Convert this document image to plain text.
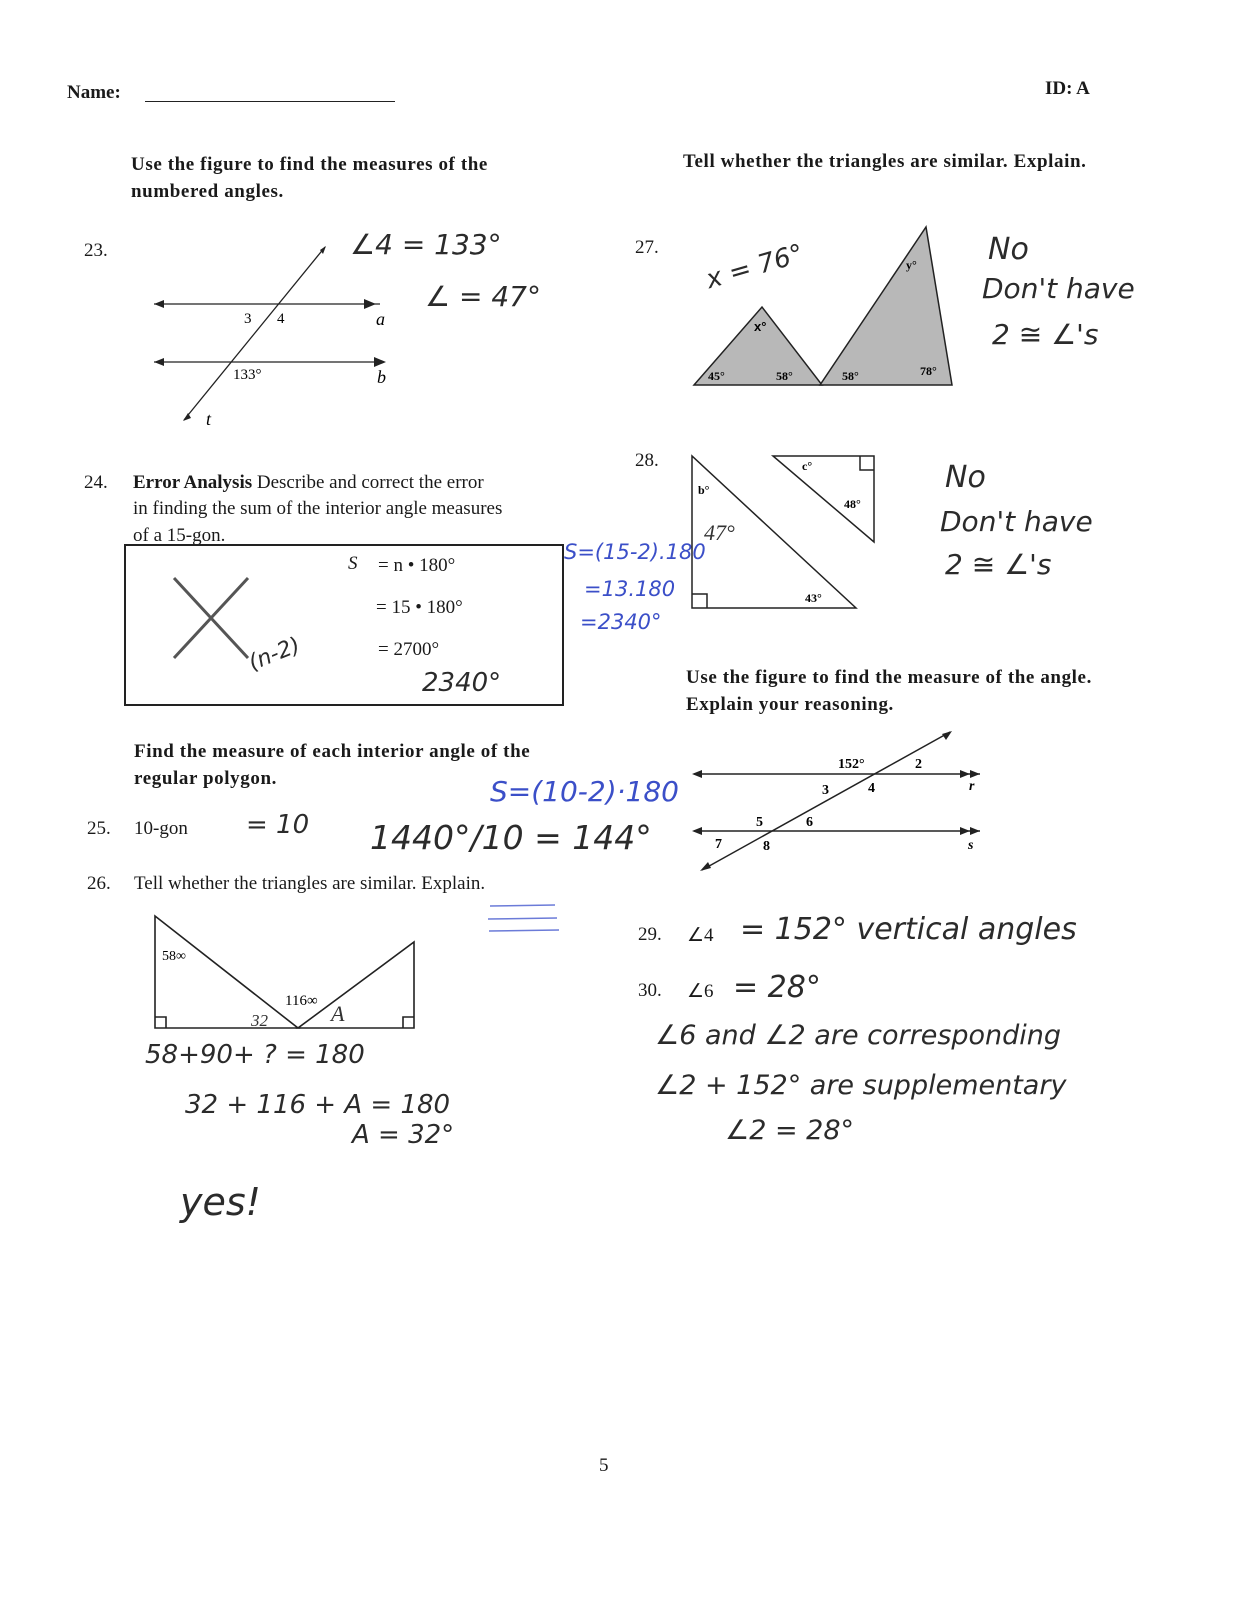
Name:	ID: A
Use the figure to find the measures of the numbered angles.
23.
3 4
133°
a
b
t
∠4 = 133°
∠ = 47°
24. Error Analysis Describe and correct the error
in finding the sum of the interior angle measures
of a 15-gon.
S = n • 180°
= 15 • 180°
= 2700°
(n-2)
2340°
S=(15-2).180
=13.180
=2340°
Find the measure of each interior angle of the regular polygon.
25. 10-gon = 10
S=(10-2)·180
1440°/10 = 144°
26. Tell whether the triangles are similar. Explain.
58∞
116∞
32	A
58+90+ ? = 180
32 + 116 + A = 180
A = 32°
yes!
Tell whether the triangles are similar. Explain.
27.
x°
45°	58°	58°	78°
y°
x = 76°	No
Don't have
2 ≅ ∠'s
28.
b°
47°
43°
c°
48°
No
Don't have
2 ≅ ∠'s
Use the figure to find the measure of the angle. Explain your reasoning.
152°	2
3	4
5	6
7	8
r
s
29. ∠4 = 152° vertical angles
30. ∠6 = 28°
∠6 and ∠2 are corresponding
∠2 + 152° are supplementary
∠2 = 28°
5
